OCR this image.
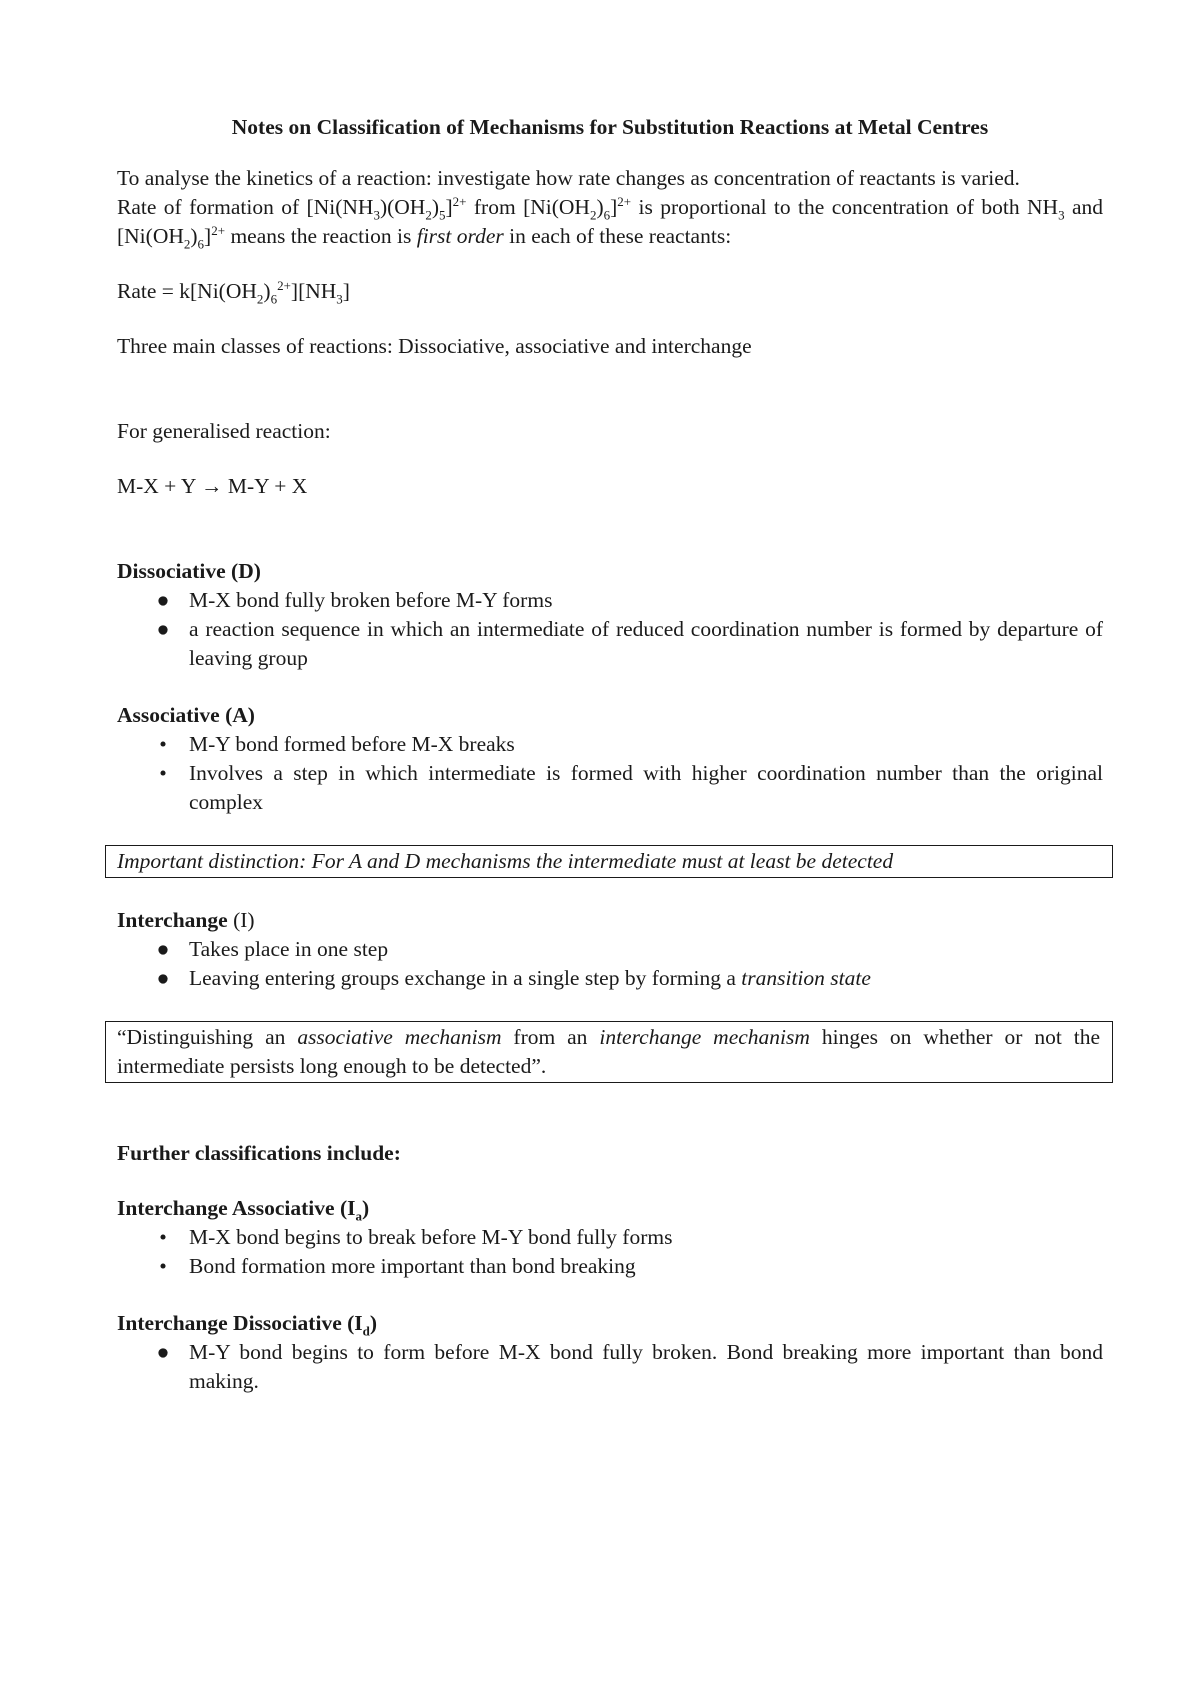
Notes on Classification of Mechanisms for Substitution Reactions at Metal Centres

To analyse the kinetics of a reaction: investigate how rate changes as concentration of reactants is varied.

Rate of formation of $[Ni(NH_3)(OH_2)_5]^{2+}$ from $[Ni(OH_2)_6]^{2+}$ is proportional to the concentration of both $NH_3$ and $[Ni(OH_2)_6]^{2+}$ means the reaction is first order in each of these reactants:

Rate = $k[Ni(OH_2)_6^{2+}][NH_3]$

Three main classes of reactions: Dissociative, associative and interchange

For generalised reaction:

M-X + Y → M-Y + X

Dissociative (D)

● M-X bond fully broken before M-Y forms
● a reaction sequence in which an intermediate of reduced coordination number is formed by departure of leaving group

Associative (A)

• M-Y bond formed before M-X breaks
• Involves a step in which intermediate is formed with higher coordination number than the original complex

Important distinction: For A and D mechanisms the intermediate must at least be detected

Interchange (I)

● Takes place in one step
● Leaving entering groups exchange in a single step by forming a transition state

“Distinguishing an associative mechanism from an interchange mechanism hinges on whether or not the intermediate persists long enough to be detected”.

Further classifications include:

Interchange Associative $(I_a)$

• M-X bond begins to break before M-Y bond fully forms
• Bond formation more important than bond breaking

Interchange Dissociative $(I_d)$

● M-Y bond begins to form before M-X bond fully broken. Bond breaking more important than bond making.
